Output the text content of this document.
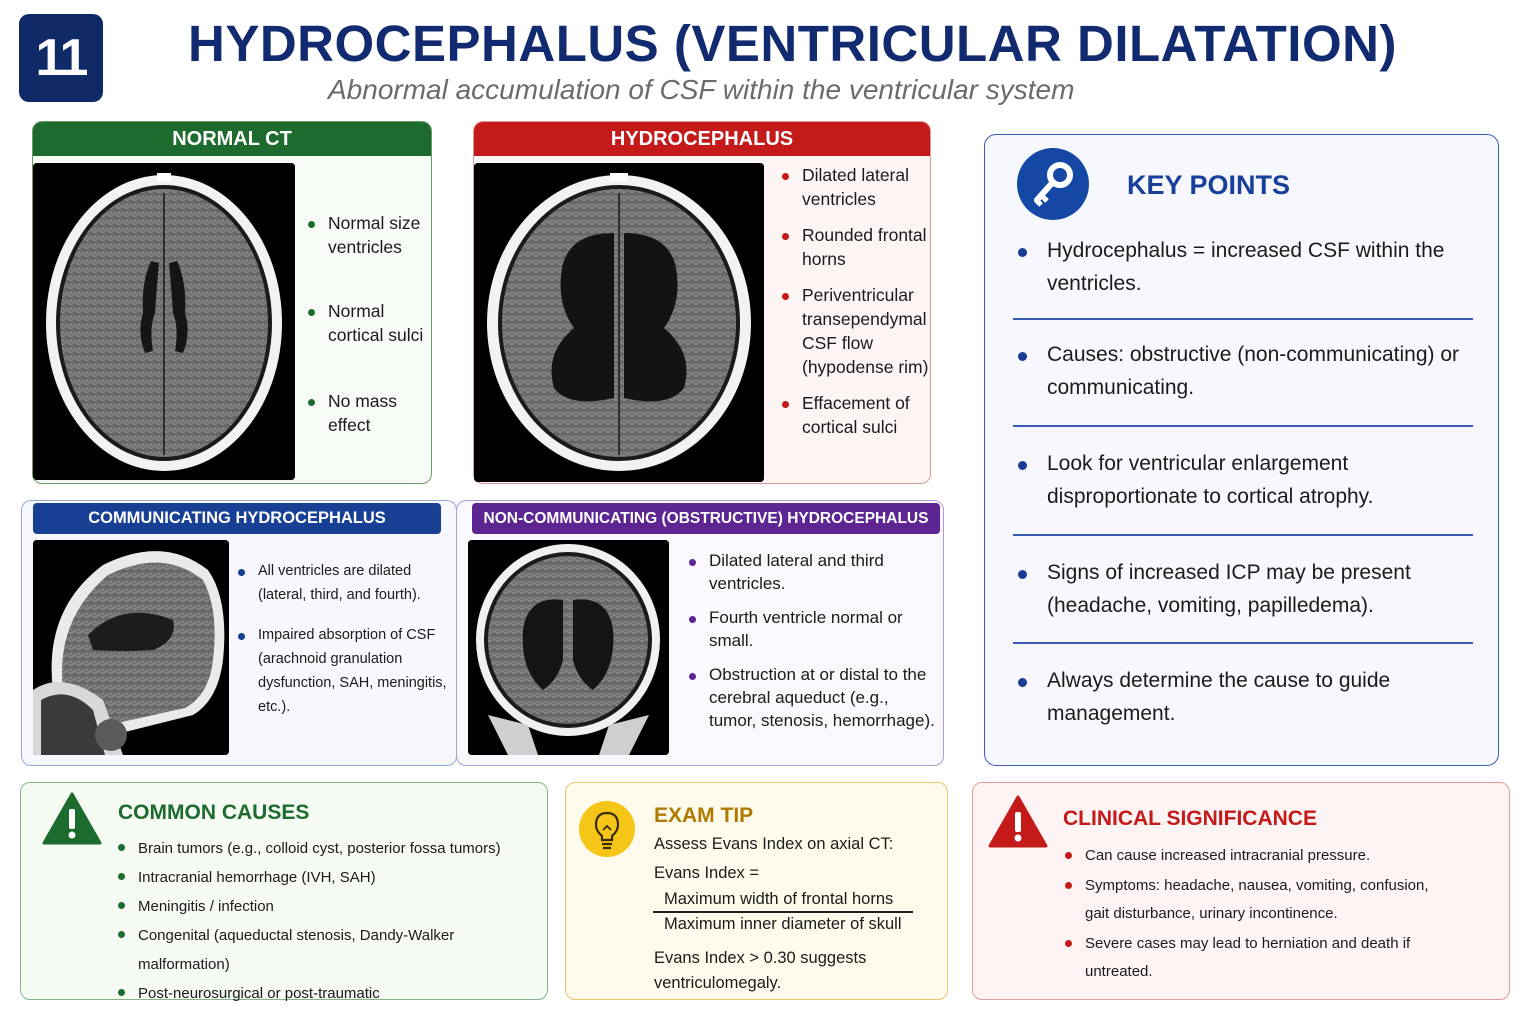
11	HYDROCEPHALUS (VENTRICULAR DILATATION)
Abnormal accumulation of CSF within the ventricular system
NORMAL CT
Normal size ventricles
Normal cortical sulci
No mass effect
HYDROCEPHALUS
Dilated lateral ventricles
Rounded frontal horns
Periventricular transependymal CSF flow (hypodense rim)
Effacement of cortical sulci
COMMUNICATING HYDROCEPHALUS
All ventricles are dilated (lateral, third, and fourth).
Impaired absorption of CSF (arachnoid granulation dysfunction, SAH, meningitis, etc.).
NON-COMMUNICATING (OBSTRUCTIVE) HYDROCEPHALUS
Dilated lateral and third ventricles.
Fourth ventricle normal or small.
Obstruction at or distal to the cerebral aqueduct (e.g., tumor, stenosis, hemorrhage).
KEY POINTS
Hydrocephalus = increased CSF within the ventricles.
Causes: obstructive (non-communicating) or communicating.
Look for ventricular enlargement disproportionate to cortical atrophy.
Signs of increased ICP may be present (headache, vomiting, papilledema).
Always determine the cause to guide management.
COMMON CAUSES
Brain tumors (e.g., colloid cyst, posterior fossa tumors)
Intracranial hemorrhage (IVH, SAH)
Meningitis / infection
Congenital (aqueductal stenosis, Dandy-Walker malformation)
Post-neurosurgical or post-traumatic
EXAM TIP
Assess Evans Index on axial CT:
Evans Index =
Maximum width of frontal horns
Maximum inner diameter of skull
Evans Index > 0.30 suggests ventriculomegaly.
CLINICAL SIGNIFICANCE
Can cause increased intracranial pressure.
Symptoms: headache, nausea, vomiting, confusion, gait disturbance, urinary incontinence.
Severe cases may lead to herniation and death if untreated.
